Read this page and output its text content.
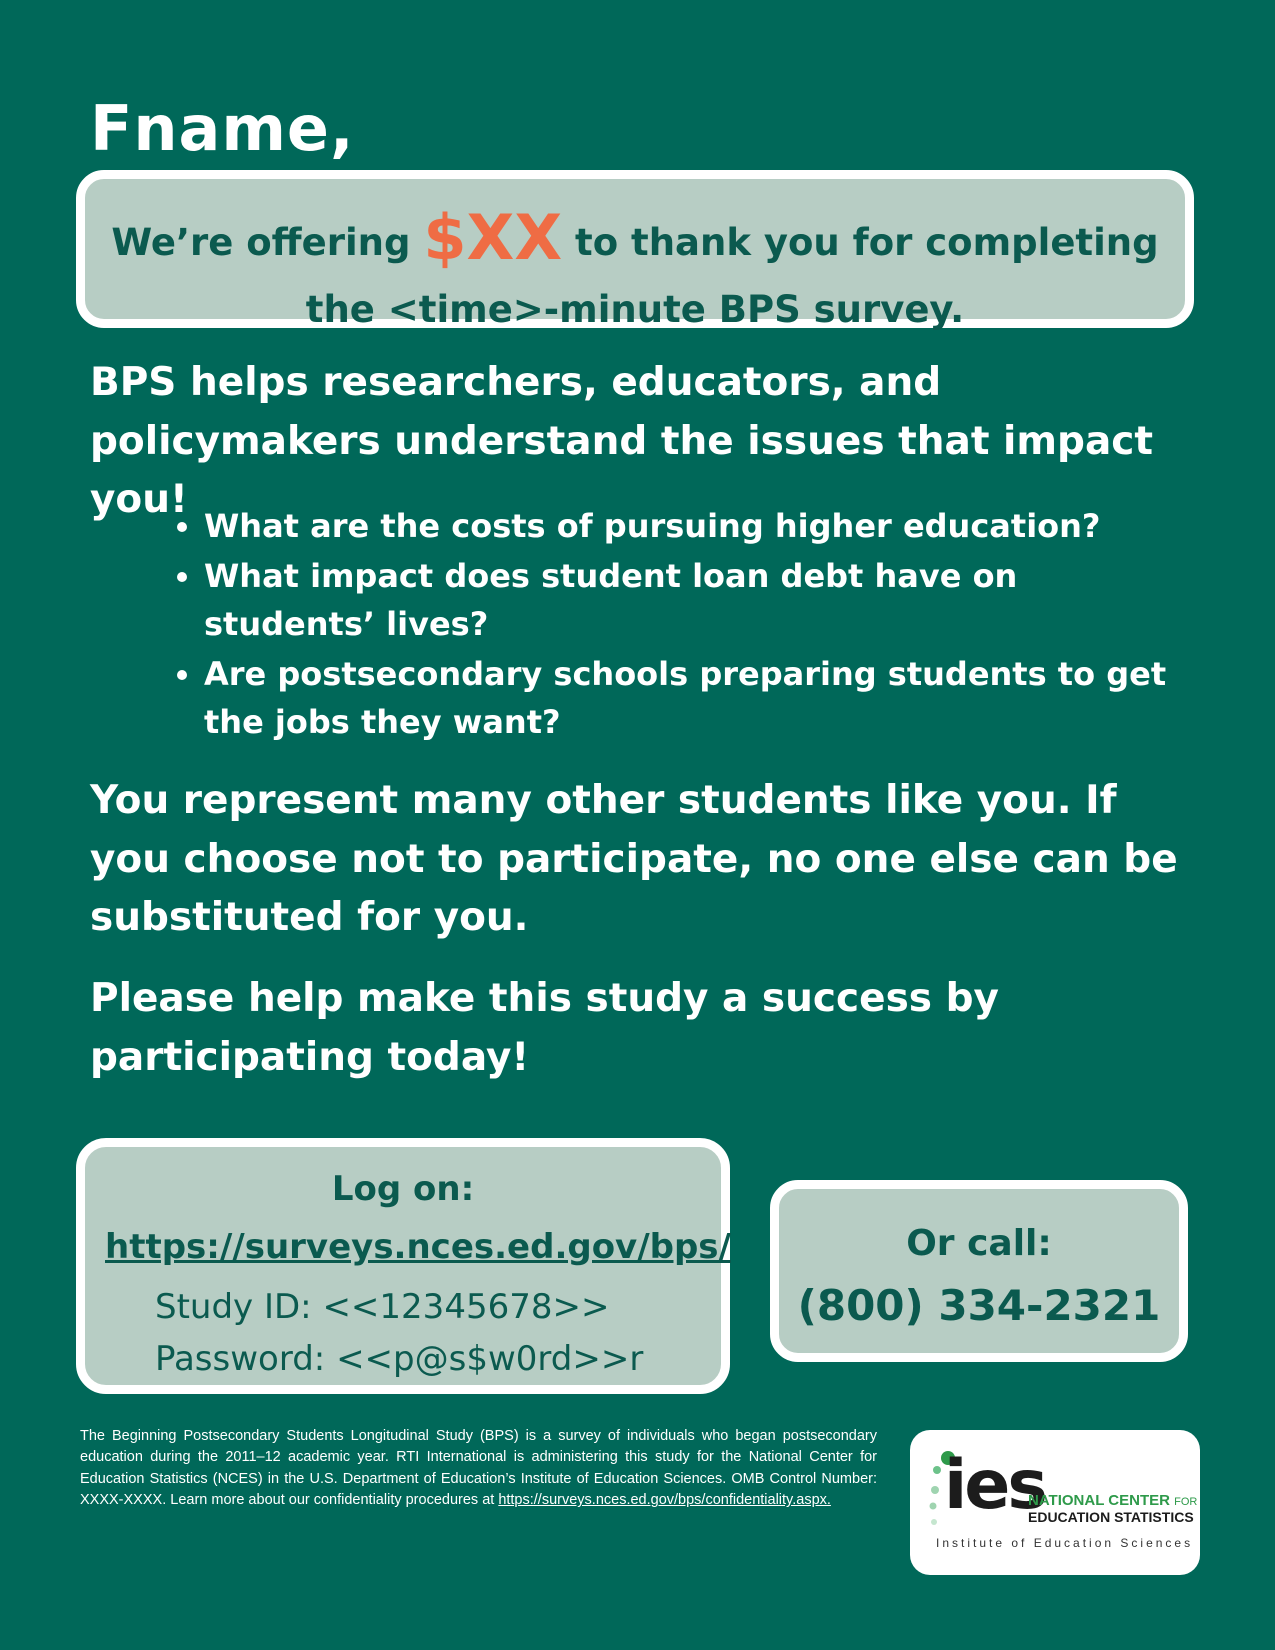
Fname,
We’re offering $XX to thank you for completing
the <time>-minute BPS survey.
BPS helps researchers, educators, and policymakers understand the issues that impact you!
• What are the costs of pursuing higher education?
• What impact does student loan debt have on students’ lives?
• Are postsecondary schools preparing students to get the jobs they want?
You represent many other students like you. If you choose not to participate, no one else can be substituted for you.
Please help make this study a success by participating today!
Log on:
https://surveys.nces.ed.gov/bps/
Study ID: <<12345678>>
Password: <<p@s$w0rd>>r
Or call:
(800) 334-2321
The Beginning Postsecondary Students Longitudinal Study (BPS) is a survey of individuals who began postsecondary education during the 2011–12 academic year. RTI International is administering this study for the National Center for Education Statistics (NCES) in the U.S. Department of Education’s Institute of Education Sciences. OMB Control Number: XXXX-XXXX. Learn more about our confidentiality procedures at https://surveys.nces.ed.gov/bps/confidentiality.aspx.	ies
NATIONAL CENTER FOR
EDUCATION STATISTICS
Institute of Education Sciences
